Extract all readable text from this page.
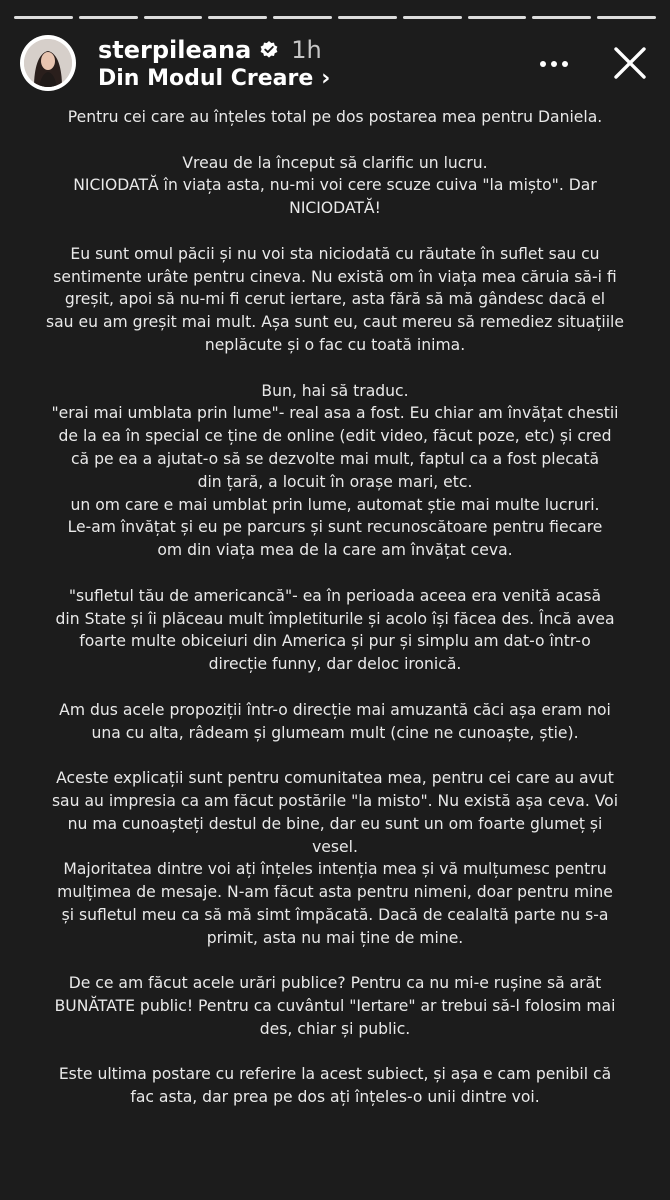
sterpileana 1h
Din Modul Creare ›

Pentru cei care au înțeles total pe dos postarea mea pentru Daniela.

Vreau de la început să clarific un lucru.
NICIODATĂ în viața asta, nu-mi voi cere scuze cuiva "la mișto". Dar
NICIODATĂ!

Eu sunt omul păcii și nu voi sta niciodată cu răutate în suflet sau cu
sentimente urâte pentru cineva. Nu există om în viața mea căruia să-i fi
greșit, apoi să nu-mi fi cerut iertare, asta fără să mă gândesc dacă el
sau eu am greșit mai mult. Așa sunt eu, caut mereu să remediez situațiile
neplăcute și o fac cu toată inima.

Bun, hai să traduc.
"erai mai umblata prin lume"- real asa a fost. Eu chiar am învățat chestii
de la ea în special ce ține de online (edit video, făcut poze, etc) și cred
că pe ea a ajutat-o să se dezvolte mai mult, faptul ca a fost plecată
din țară, a locuit în orașe mari, etc.
un om care e mai umblat prin lume, automat știe mai multe lucruri.
Le-am învățat și eu pe parcurs și sunt recunoscătoare pentru fiecare
om din viața mea de la care am învățat ceva.

"sufletul tău de americancă"- ea în perioada aceea era venită acasă
din State și îi plăceau mult împletiturile și acolo își făcea des. Încă avea
foarte multe obiceiuri din America și pur și simplu am dat-o într-o
direcție funny, dar deloc ironică.

Am dus acele propoziții într-o direcție mai amuzantă căci așa eram noi
una cu alta, râdeam și glumeam mult (cine ne cunoaște, știe).

Aceste explicații sunt pentru comunitatea mea, pentru cei care au avut
sau au impresia ca am făcut postările "la misto". Nu există așa ceva. Voi
nu ma cunoașteți destul de bine, dar eu sunt un om foarte glumeț și
vesel.
Majoritatea dintre voi ați înțeles intenția mea și vă mulțumesc pentru
mulțimea de mesaje. N-am făcut asta pentru nimeni, doar pentru mine
și sufletul meu ca să mă simt împăcată. Dacă de cealaltă parte nu s-a
primit, asta nu mai ține de mine.

De ce am făcut acele urări publice? Pentru ca nu mi-e rușine să arăt
BUNĂTATE public! Pentru ca cuvântul "Iertare" ar trebui să-l folosim mai
des, chiar și public.

Este ultima postare cu referire la acest subiect, și așa e cam penibil că
fac asta, dar prea pe dos ați înțeles-o unii dintre voi.
